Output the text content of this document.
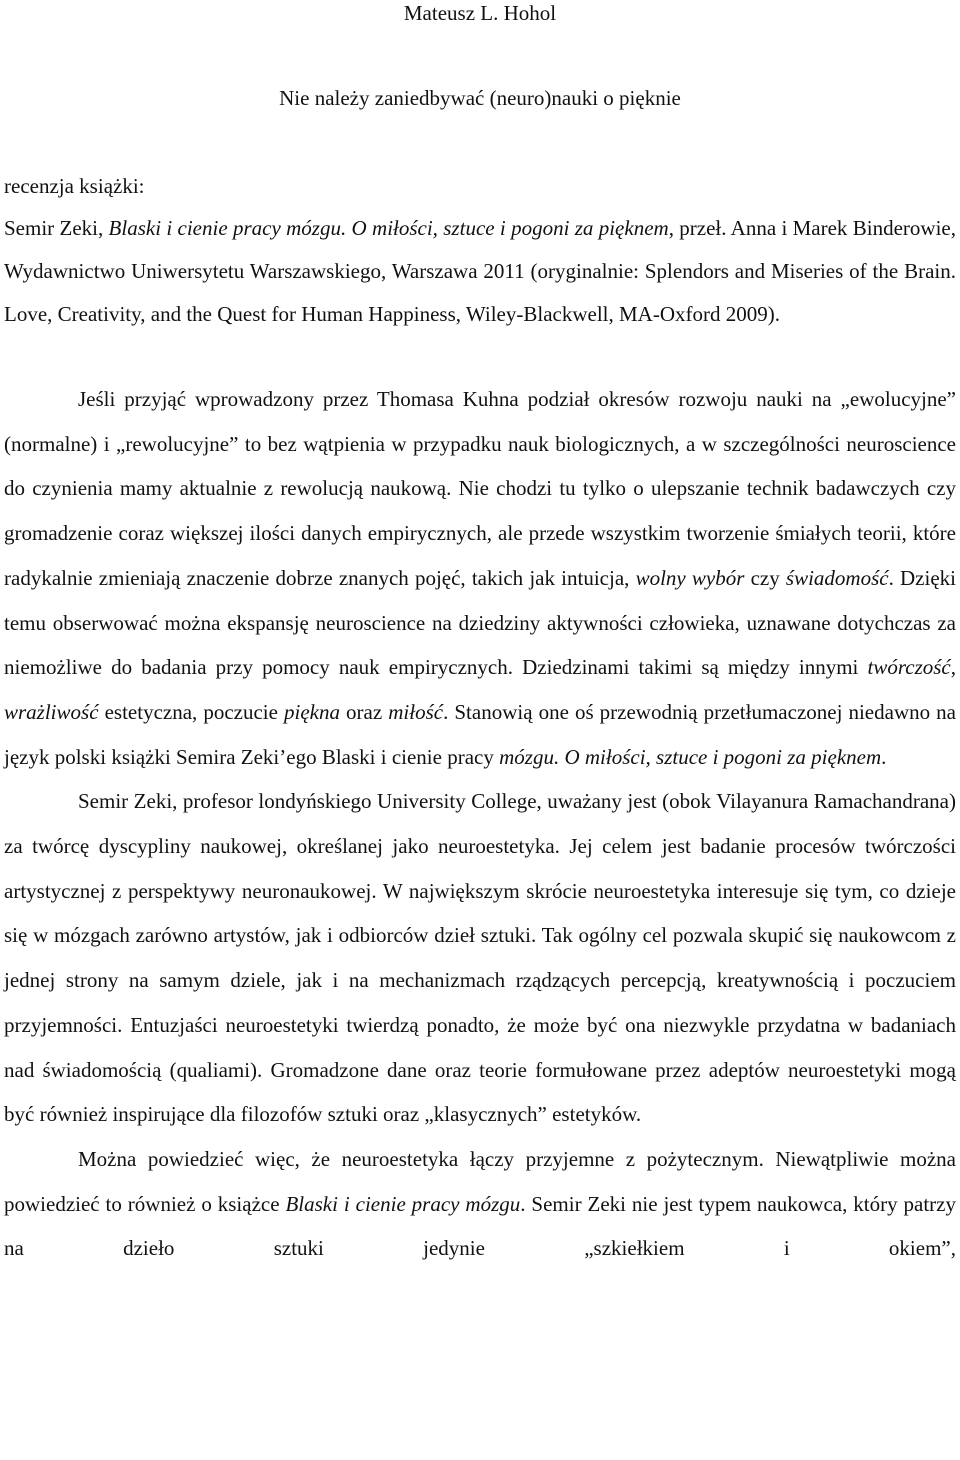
Mateusz L. Hohol

Nie należy zaniedbywać (neuro)nauki o pięknie

recenzja książki:

Semir Zeki, Blaski i cienie pracy mózgu. O miłości, sztuce i pogoni za pięknem, przeł. Anna i Marek Binderowie, Wydawnictwo Uniwersytetu Warszawskiego, Warszawa 2011 (oryginalnie: Splendors and Miseries of the Brain. Love, Creativity, and the Quest for Human Happiness, Wiley-Blackwell, MA-Oxford 2009).

Jeśli przyjąć wprowadzony przez Thomasa Kuhna podział okresów rozwoju nauki na „ewolucyjne” (normalne) i „rewolucyjne” to bez wątpienia w przypadku nauk biologicznych, a w szczególności neuroscience do czynienia mamy aktualnie z rewolucją naukową. Nie chodzi tu tylko o ulepszanie technik badawczych czy gromadzenie coraz większej ilości danych empirycznych, ale przede wszystkim tworzenie śmiałych teorii, które radykalnie zmieniają znaczenie dobrze znanych pojęć, takich jak intuicja, wolny wybór czy świadomość. Dzięki temu obserwować można ekspansję neuroscience na dziedziny aktywności człowieka, uznawane dotychczas za niemożliwe do badania przy pomocy nauk empirycznych. Dziedzinami takimi są między innymi twórczość, wrażliwość estetyczna, poczucie piękna oraz miłość. Stanowią one oś przewodnią przetłumaczonej niedawno na język polski książki Semira Zeki’ego Blaski i cienie pracy mózgu. O miłości, sztuce i pogoni za pięknem.

Semir Zeki, profesor londyńskiego University College, uważany jest (obok Vilayanura Ramachandrana) za twórcę dyscypliny naukowej, określanej jako neuroestetyka. Jej celem jest badanie procesów twórczości artystycznej z perspektywy neuronaukowej. W największym skrócie neuroestetyka interesuje się tym, co dzieje się w mózgach zarówno artystów, jak i odbiorców dzieł sztuki. Tak ogólny cel pozwala skupić się naukowcom z jednej strony na samym dziele, jak i na mechanizmach rządzących percepcją, kreatywnością i poczuciem przyjemności. Entuzjaści neuroestetyki twierdzą ponadto, że może być ona niezwykle przydatna w badaniach nad świadomością (qualiami). Gromadzone dane oraz teorie formułowane przez adeptów neuroestetyki mogą być również inspirujące dla filozofów sztuki oraz „klasycznych” estetyków.

Można powiedzieć więc, że neuroestetyka łączy przyjemne z pożytecznym. Niewątpliwie można powiedzieć to również o książce Blaski i cienie pracy mózgu. Semir Zeki nie jest typem naukowca, który patrzy na dzieło sztuki jedynie „szkiełkiem i okiem”,
